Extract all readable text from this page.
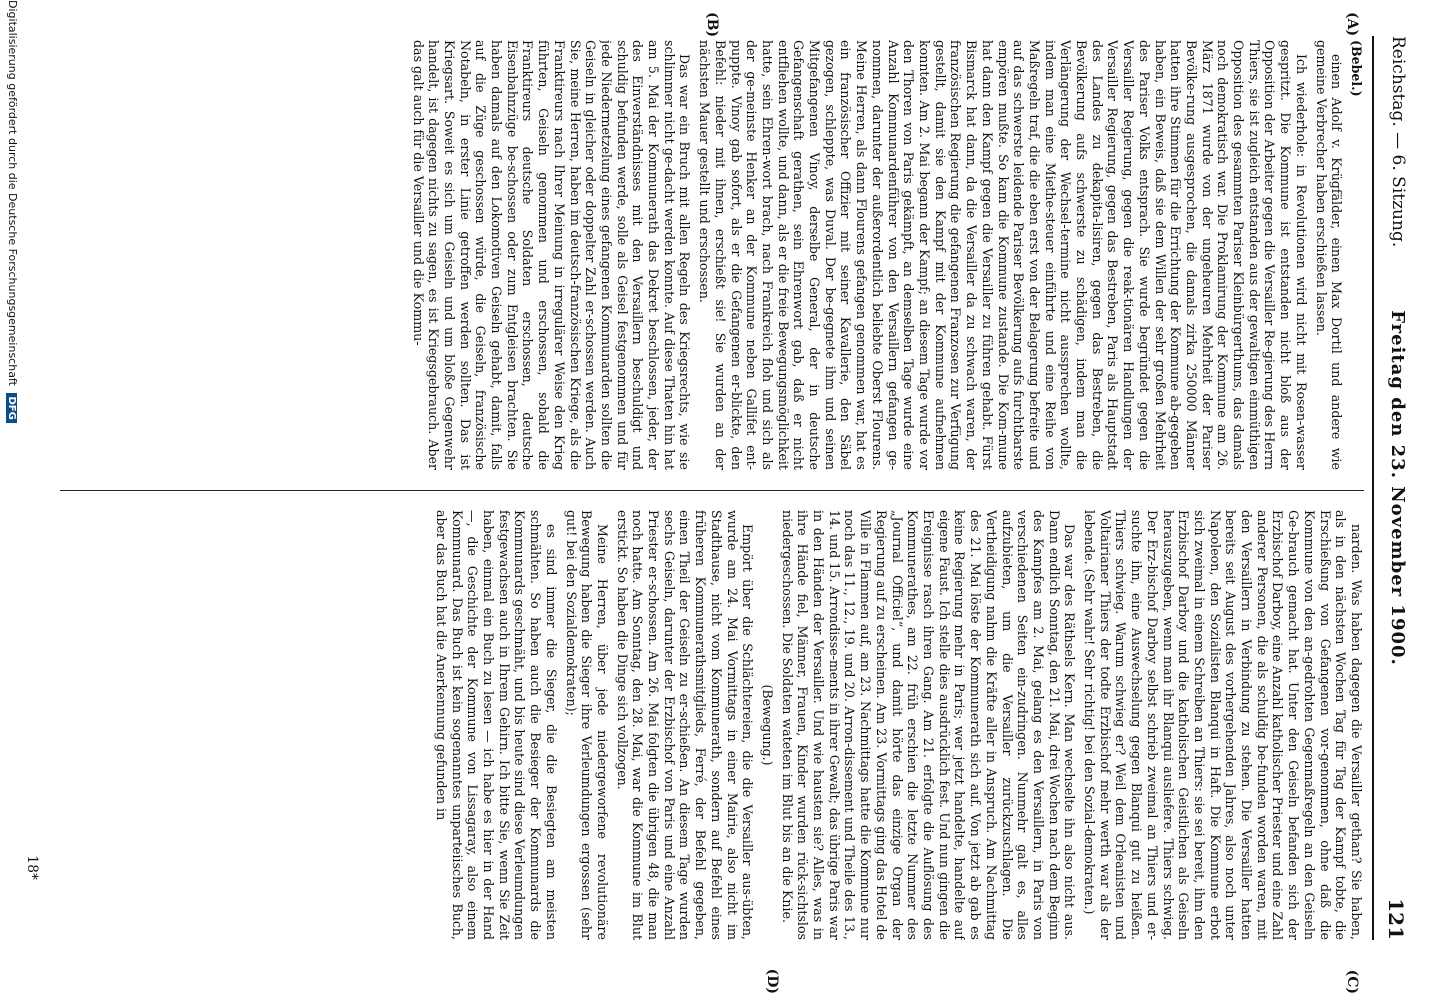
Reichstag. — 6. Sitzung.
Freitag den 23. November 1900.
121
(A)
(B)
(C)
(D)

(Bebel.)

einen Adolf v. Krügfälder, einen Max Dortil und andere wie gemeine Verbrecher haben erschießen lassen.

Ich wiederhole: in Revolutionen wird nicht mit Rosen-wasser gespritzt. Die Kommune ist entstanden nicht bloß aus der Opposition der Arbeiter gegen die Versailler Re-gierung des Herrn Thiers, sie ist zugleich entstanden aus der gewaltigen einmüthigen Opposition des gesammten Pariser Kleinbürgerthums, das damals noch demokratisch war. Die Proklamirung der Kommune am 26. März 1871 wurde von der ungeheuren Mehrheit der Pariser Bevölke-rung ausgesprochen, die damals zirka 250000 Männer hatten ihre Stimmen für die Errichtung der Kommune ab-gegeben haben, ein Beweis, daß sie dem Willen der sehr großen Mehrheit des Pariser Volks entsprach. Sie wurde begründet gegen die Versailler Regierung, gegen die reak-tionären Handlungen der Versailler Regierung, gegen das Bestreben, Paris als Hauptstadt des Landes zu dekapita-lisiren, gegen das Bestreben, die Bevölkerung aufs schwerste zu schädigen, indem man die Verlängerung der Wechsel-termine nicht aussprechen wollte, indem man eine Miethe-steuer einführte und eine Reihe von Maßregeln traf, die die eben erst von der Belagerung befreite und auf das schwerste leidende Pariser Bevölkerung aufs furchtbarste empören mußte. So kam die Kommune zustande. Die Kom-mune hat dann den Kampf gegen die Versailler zu führen gehabt. Fürst Bismarck hat dann, da die Versailler da zu schwach waren, der französischen Regierung die gefangenen Franzosen zur Verfügung gestellt, damit sie den Kampf mit der Kommune aufnehmen konnten. Am 2. Mai begann der Kampf; an diesem Tage wurde vor den Thoren von Paris gekämpft, an demselben Tage wurde eine Anzahl Kommunardenführer von den Versaillern gefangen ge-nommen, darunter der außerordentlich beliebte Oberst Flourens. Meine Herren, als dann Flourens gefangen genommen war, hat es ein französischer Offizier mit seiner Kavallerie, den Säbel gezogen, schleppte, was Duval. Der be-gegnete ihm und seinen Mitgefangenen Vinoy, derselbe General, der in deutsche Gefangenschaft gerathen, sein Ehrenwort gab, daß er nicht entfliehen wollte, und dann, als er die freie Bewegungsmöglichkeit hatte, sein Ehren-wort brach, nach Frankreich floh und sich als der ge-meinste Henker an der Kommune neben Gallifet ent-puppte. Vinoy gab sofort, als er die Gefangenen er-blickte, den Befehl: nieder mit ihnen, erschießt sie! Sie wurden an der nächsten Mauer gestellt und erschossen.

Das war ein Bruch mit allen Regeln des Kriegsrechts, wie sie schlimmer nicht ge-dacht werden konnte. Auf diese Thaten hin hat am 5. Mai der Kommunerath das Dekret beschlossen, jeder, der des Einverständnisses mit den Versaillern beschuldigt und schuldig befunden werde, solle als Geisel festgenommen und für jede Niedermetzelung eines gefangenen Kommunarden sollten die Geiseln in gleicher oder doppelter Zahl er-schossen werden. Auch Sie, meine Herren, haben im deutsch-französischen Kriege, als die Franktireurs nach Ihrer Meinung in irregulärer Weise den Krieg führten, Geiseln genommen und erschossen, sobald die Franktireurs deutsche Soldaten erschossen, deutsche Eisenbahnzüge be-schossen oder zum Entgleisen brachten. Sie haben damals auf den Lokomotiven Geiseln gehabt, damit, falls auf die Züge geschossen würde, die Geiseln, französische Notabeln, in erster Linie getroffen werden sollten. Das ist Kriegsart. Soweit es sich um Geiseln und um bloße Gegenwehr handelt, ist dagegen nichts zu sagen, es ist Kriegsgebrauch. Aber das galt auch für die Versailler und die Kommu-

narden. Was haben dagegen die Versailler gethan? Sie haben, als in den nächsten Wochen Tag für Tag der Kampf tobte, die Erschießung von Gefangenen vor-genommen, ohne daß die Kommune von den an-gedrohten Gegenmaßregeln an den Geiseln Ge-brauch gemacht hat. Unter den Geiseln befanden sich der Erzbischof Darboy, eine Anzahl katholischer Priester und eine Zahl anderer Personen, die als schuldig be-funden worden waren, mit den Versaillern in Verbindung zu stehen. Die Versailler hatten bereits seit August des vorhergehenden Jahres, also noch unter Napoleon, den Sozialisten Blanqui in Haft. Die Kommune erbot sich zweimal in einem Schreiben an Thiers: sie sei bereit, ihm den Erzbischof Darboy und die katholischen Geistlichen als Geiseln herauszugeben, wenn man ihr Blanqui ausliefere. Thiers schwieg. Der Erz-bischof Darboy selbst schrieb zweimal an Thiers und er-suchte ihn, eine Auswechselung gegen Blanqui gut zu heißen. Thiers schwieg. Warum schwieg er? Weil dem Orleanisten und Voltairianer Thiers der todte Erzbischof mehr werth war als der lebende. (Sehr wahr! Sehr richtig! bei den Sozial-demokraten.)

Das war des Räthsels Kern. Man wechselte ihn also nicht aus. Dann endlich Sonntag, den 21. Mai, drei Wochen nach dem Beginn des Kampfes am 2. Mai, gelang es den Versaillern, in Paris von verschiedenen Seiten ein-zudringen. Nunmehr galt es, alles aufzubieten, um die Versailler zurückzuschlagen. Die Vertheidigung nahm die Kräfte aller in Anspruch. Am Nachmittag des 21. Mai löste der Kommunerath sich auf. Von jetzt ab gab es keine Regierung mehr in Paris; wer jetzt handelte, handelte auf eigene Faust. Ich stelle dies ausdrücklich fest. Und nun gingen die Ereignisse rasch ihren Gang. Am 21. erfolgte die Auflösung des Kommunerathes, am 22. früh erschien die letzte Nummer des „Journal Officiel“, und damit hörte das einzige Organ der Regierung auf zu erscheinen. Am 23. Vormittags ging das Hotel de Ville in Flammen auf, am 23. Nachmittags hatte die Kommune nur noch das 11., 12., 19. und 20. Arron-dissement und Theile des 13., 14. und 15. Arrondisse-ments in ihrer Gewalt; das übrige Paris war in den Händen der Versailler. Und wie hausten sie? Alles, was in ihre Hände fiel, Männer, Frauen, Kinder wurden rück-sichtslos niedergeschossen. Die Soldaten wateten im Blut bis an die Knie.

(Bewegung.)

Empört über die Schlächtereien, die die Versailler aus-übten, wurde am 24. Mai Vormittags in einer Mairie, also nicht im Stadthause, nicht vom Kommunerath, sondern auf Befehl eines früheren Kommunerathsmitglieds, Ferré, der Befehl gegeben, einen Theil der Geiseln zu er-schießen. An diesem Tage wurden sechs Geiseln, darunter der Erzbischof von Paris und eine Anzahl Priester er-schossen. Am 26. Mai folgten die übrigen 48, die man noch hatte. Am Sonntag, den 28. Mai, war die Kommune im Blut erstickt. So haben die Dinge sich vollzogen.

Meine Herren, über jede niedergeworfene revolutionäre Bewegung haben die Sieger ihre Verleumdungen ergossen (sehr gut! bei den Sozialdemokraten);

es sind immer die Sieger, die die Besiegten am meisten schmähten. So haben auch die Besieger der Kommunards die Kommunards geschmäht, und bis heute sind diese Verleumdungen festgewachsen auch in Ihrem Gehirn. Ich bitte Sie, wenn Sie Zeit haben, einmal ein Buch zu lesen — ich habe es hier in der Hand —, die Geschichte der Kommune von Lissagaray, also einem Kommunard. Das Buch ist kein sogenanntes unparteiisches Buch, aber das Buch hat die Anerkennung gefunden in

18*
Digitalisierung gefördert durch die Deutsche Forschungsgemeinschaft DFG
